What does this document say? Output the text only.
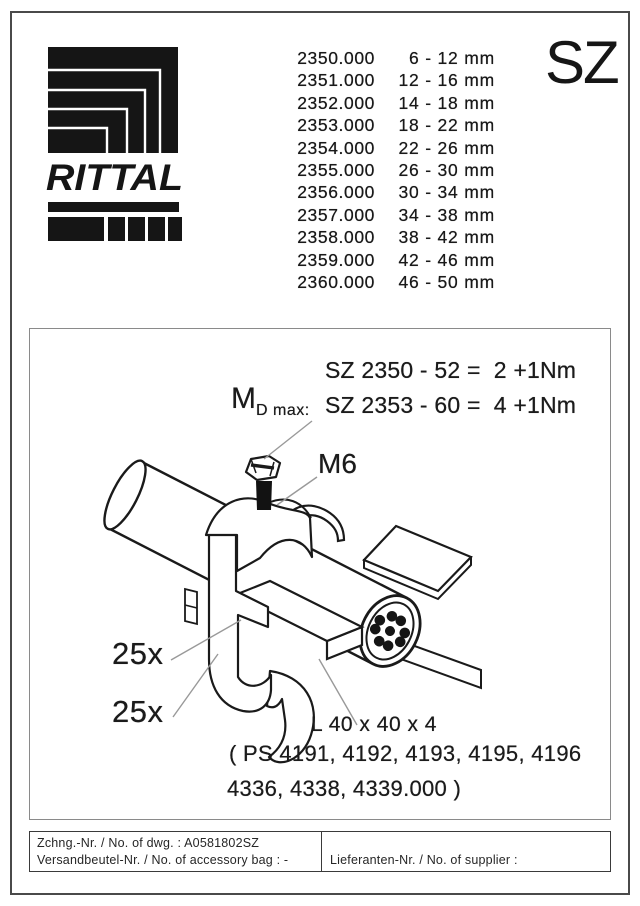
RITTAL
2350.000	6 - 12 mm
2351.000	12 - 16 mm
2352.000	14 - 18 mm
2353.000	18 - 22 mm
2354.000	22 - 26 mm
2355.000	26 - 30 mm
2356.000	30 - 34 mm
2357.000	34 - 38 mm
2358.000	38 - 42 mm
2359.000	42 - 46 mm
2360.000	46 - 50 mm
SZ
MD max:
SZ 2350 - 52 =  2 +1Nm
SZ 2353 - 60 =  4 +1Nm
M6
25x
25x	L 40 x 40 x 4
( PS 4191, 4192, 4193, 4195, 4196
4336, 4338, 4339.000 )
Zchng.-Nr. / No. of dwg. : A0581802SZ
Versandbeutel-Nr. / No. of accessory bag : -	Lieferanten-Nr. / No. of supplier :
